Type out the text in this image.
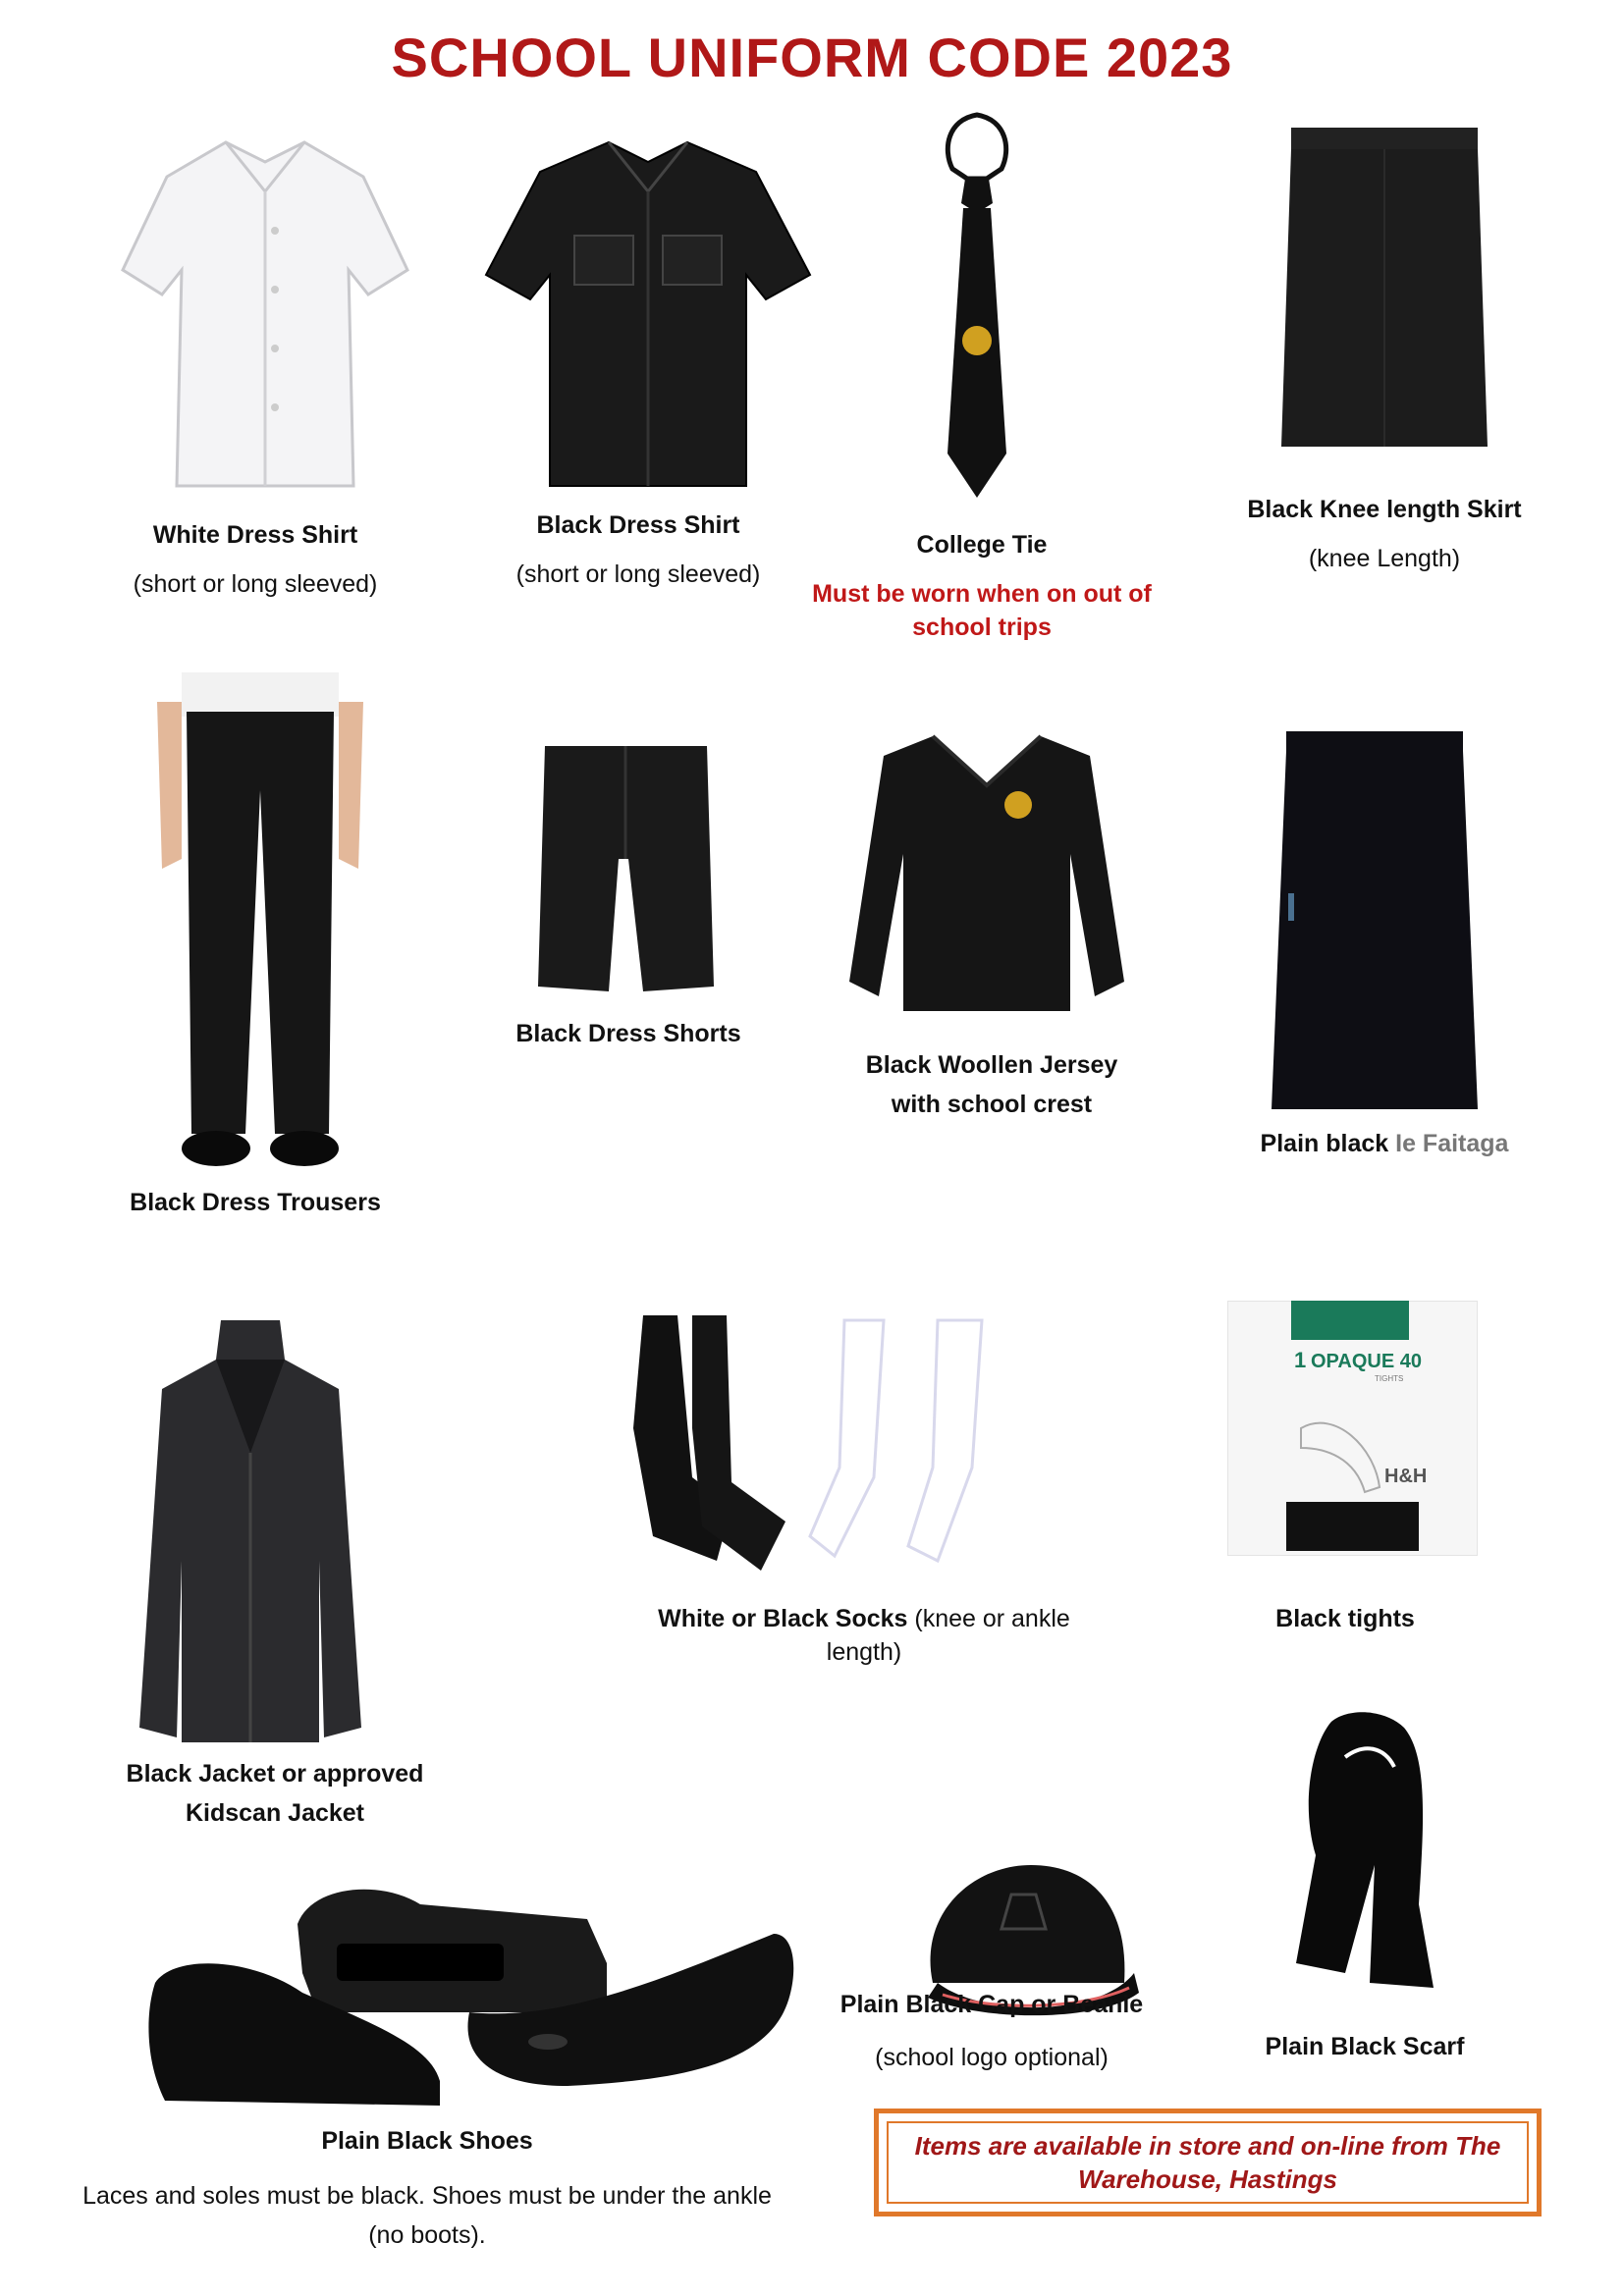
SCHOOL UNIFORM CODE 2023
White Dress Shirt
(short or long sleeved)
Black Dress Shirt
(short or long sleeved)
College Tie
Must be worn when on out of school trips
Black Knee length Skirt
(knee Length)
Black Dress Trousers
Black Dress Shorts
Black Woollen Jersey
with school crest
Plain black Ie Faitaga
Black Jacket or approved
Kidscan Jacket
White or Black Socks (knee or ankle
length)
1 OPAQUE 40
TIGHTS
H&H
Black tights
Plain Black Shoes
Laces and soles must be black. Shoes must be under the ankle
(no boots).
Plain Black Cap or Beanie
(school logo optional)	Plain Black Scarf
Items are available in store and on-line from The
Warehouse, Hastings
